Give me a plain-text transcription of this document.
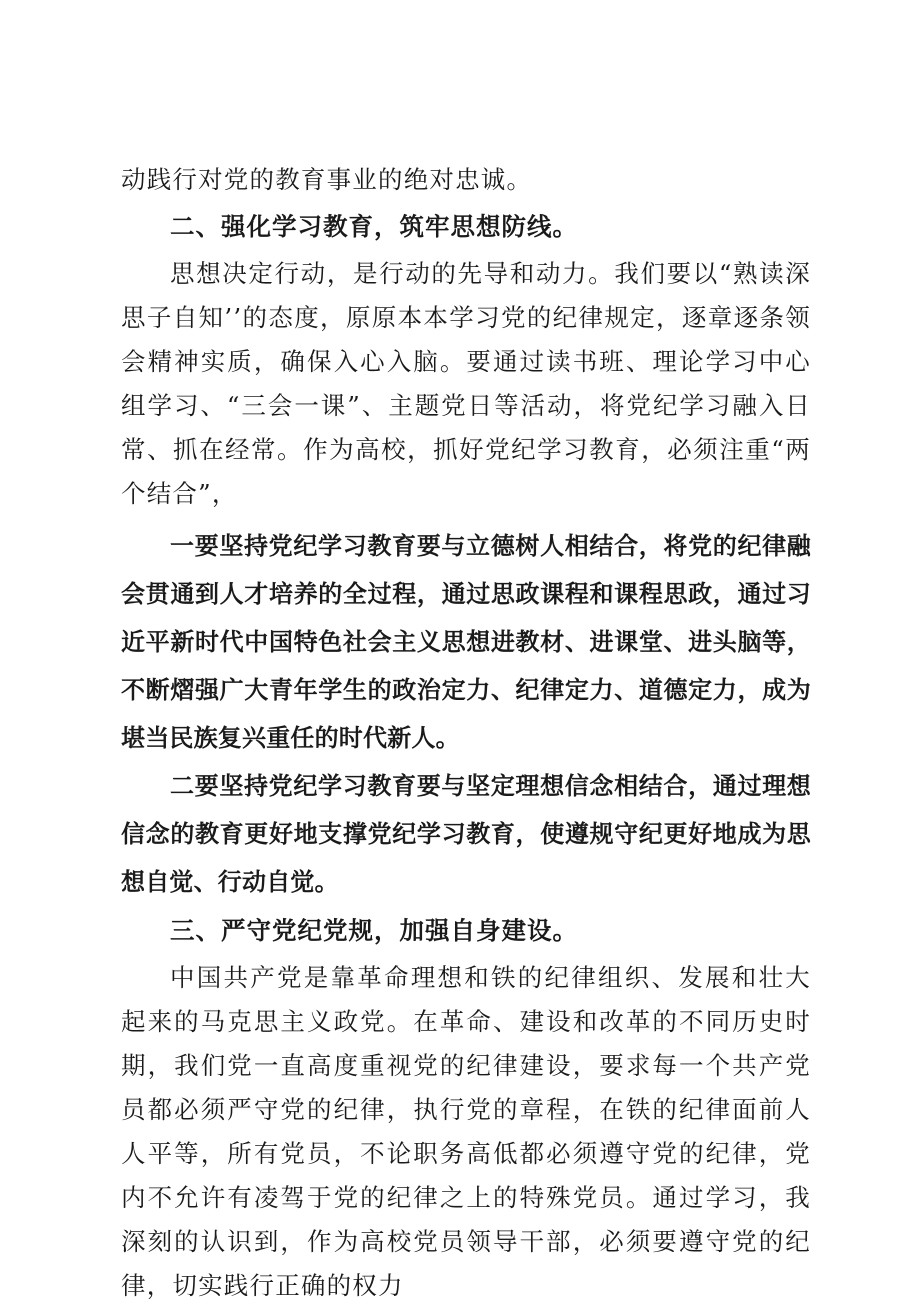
动践行对党的教育事业的绝对忠诚。

二、强化学习教育，筑牢思想防线。

思想决定行动，是行动的先导和动力。我们要以“熟读深思子自知’’的态度，原原本本学习党的纪律规定，逐章逐条领会精神实质，确保入心入脑。要通过读书班、理论学习中心组学习、“三会一课”、主题党日等活动，将党纪学习融入日常、抓在经常。作为高校，抓好党纪学习教育，必须注重“两个结合”，

一要坚持党纪学习教育要与立德树人相结合，将党的纪律融会贯通到人才培养的全过程，通过思政课程和课程思政，通过习近平新时代中国特色社会主义思想进教材、进课堂、进头脑等，不断熠强广大青年学生的政治定力、纪律定力、道德定力，成为堪当民族复兴重任的时代新人。

二要坚持党纪学习教育要与坚定理想信念相结合，通过理想信念的教育更好地支撑党纪学习教育，使遵规守纪更好地成为思想自觉、行动自觉。

三、严守党纪党规，加强自身建设。

中国共产党是靠革命理想和铁的纪律组织、发展和壮大起来的马克思主义政党。在革命、建设和改革的不同历史时期，我们党一直高度重视党的纪律建设，要求每一个共产党员都必须严守党的纪律，执行党的章程，在铁的纪律面前人人平等，所有党员，不论职务高低都必须遵守党的纪律，党内不允许有凌驾于党的纪律之上的特殊党员。通过学习，我深刻的认识到，作为高校党员领导干部，必须要遵守党的纪律，切实践行正确的权力
